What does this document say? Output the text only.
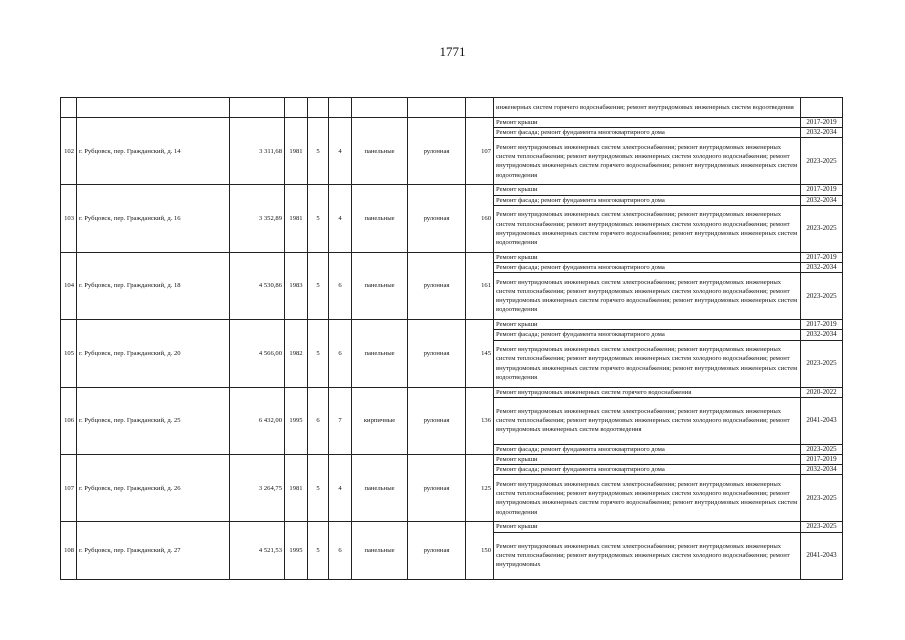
1771
									инженерных систем горячего водоснабжения; ремонт внутридомовых инженерных систем водоотведения	
102	г. Рубцовск, пер. Гражданский, д. 14	3 311,68	1981	5	4	панельные	рулонная	107	Ремонт крыши	2017-2019
									Ремонт фасада; ремонт фундамента многоквартирного дома	2032-2034
									Ремонт внутридомовых инженерных систем электроснабжения; ремонт внутридомовых инженерных систем теплоснабжения; ремонт внутридомовых инженерных систем холодного водоснабжения; ремонт внутридомовых инженерных систем горячего водоснабжения; ремонт внутридомовых инженерных систем водоотведения	2023-2025
103	г. Рубцовск, пер. Гражданский, д. 16	3 352,89	1981	5	4	панельные	рулонная	160	Ремонт крыши	2017-2019
									Ремонт фасада; ремонт фундамента многоквартирного дома	2032-2034
									Ремонт внутридомовых инженерных систем электроснабжения; ремонт внутридомовых инженерных систем теплоснабжения; ремонт внутридомовых инженерных систем холодного водоснабжения; ремонт внутридомовых инженерных систем горячего водоснабжения; ремонт внутридомовых инженерных систем водоотведения	2023-2025
104	г. Рубцовск, пер. Гражданский, д. 18	4 530,86	1983	5	6	панельные	рулонная	161	Ремонт крыши	2017-2019
									Ремонт фасада; ремонт фундамента многоквартирного дома	2032-2034
									Ремонт внутридомовых инженерных систем электроснабжения; ремонт внутридомовых инженерных систем теплоснабжения; ремонт внутридомовых инженерных систем холодного водоснабжения; ремонт внутридомовых инженерных систем горячего водоснабжения; ремонт внутридомовых инженерных систем водоотведения	2023-2025
105	г. Рубцовск, пер. Гражданский, д. 20	4 566,00	1982	5	6	панельные	рулонная	145	Ремонт крыши	2017-2019
									Ремонт фасада; ремонт фундамента многоквартирного дома	2032-2034
									Ремонт внутридомовых инженерных систем электроснабжения; ремонт внутридомовых инженерных систем теплоснабжения; ремонт внутридомовых инженерных систем холодного водоснабжения; ремонт внутридомовых инженерных систем горячего водоснабжения; ремонт внутридомовых инженерных систем водоотведения	2023-2025
106	г. Рубцовск, пер. Гражданский, д. 25	6 432,00	1995	6	7	кирпичные	рулонная	136	Ремонт внутридомовых инженерных систем горячего водоснабжения	2020-2022
									Ремонт внутридомовых инженерных систем электроснабжения; ремонт внутридомовых инженерных систем теплоснабжения; ремонт внутридомовых инженерных систем холодного водоснабжения; ремонт внутридомовых инженерных систем водоотведения	2041-2043
									Ремонт фасада; ремонт фундамента многоквартирного дома	2023-2025
107	г. Рубцовск, пер. Гражданский, д. 26	3 264,75	1981	5	4	панельные	рулонная	125	Ремонт крыши	2017-2019
									Ремонт фасада; ремонт фундамента многоквартирного дома	2032-2034
									Ремонт внутридомовых инженерных систем электроснабжения; ремонт внутридомовых инженерных систем теплоснабжения; ремонт внутридомовых инженерных систем холодного водоснабжения; ремонт внутридомовых инженерных систем горячего водоснабжения; ремонт внутридомовых инженерных систем водоотведения	2023-2025
108	г. Рубцовск, пер. Гражданский, д. 27	4 521,53	1995	5	6	панельные	рулонная	150	Ремонт крыши	2023-2025
									Ремонт внутридомовых инженерных систем электроснабжения; ремонт внутридомовых инженерных систем теплоснабжения; ремонт внутридомовых инженерных систем холодного водоснабжения; ремонт внутридомовых	2041-2043
